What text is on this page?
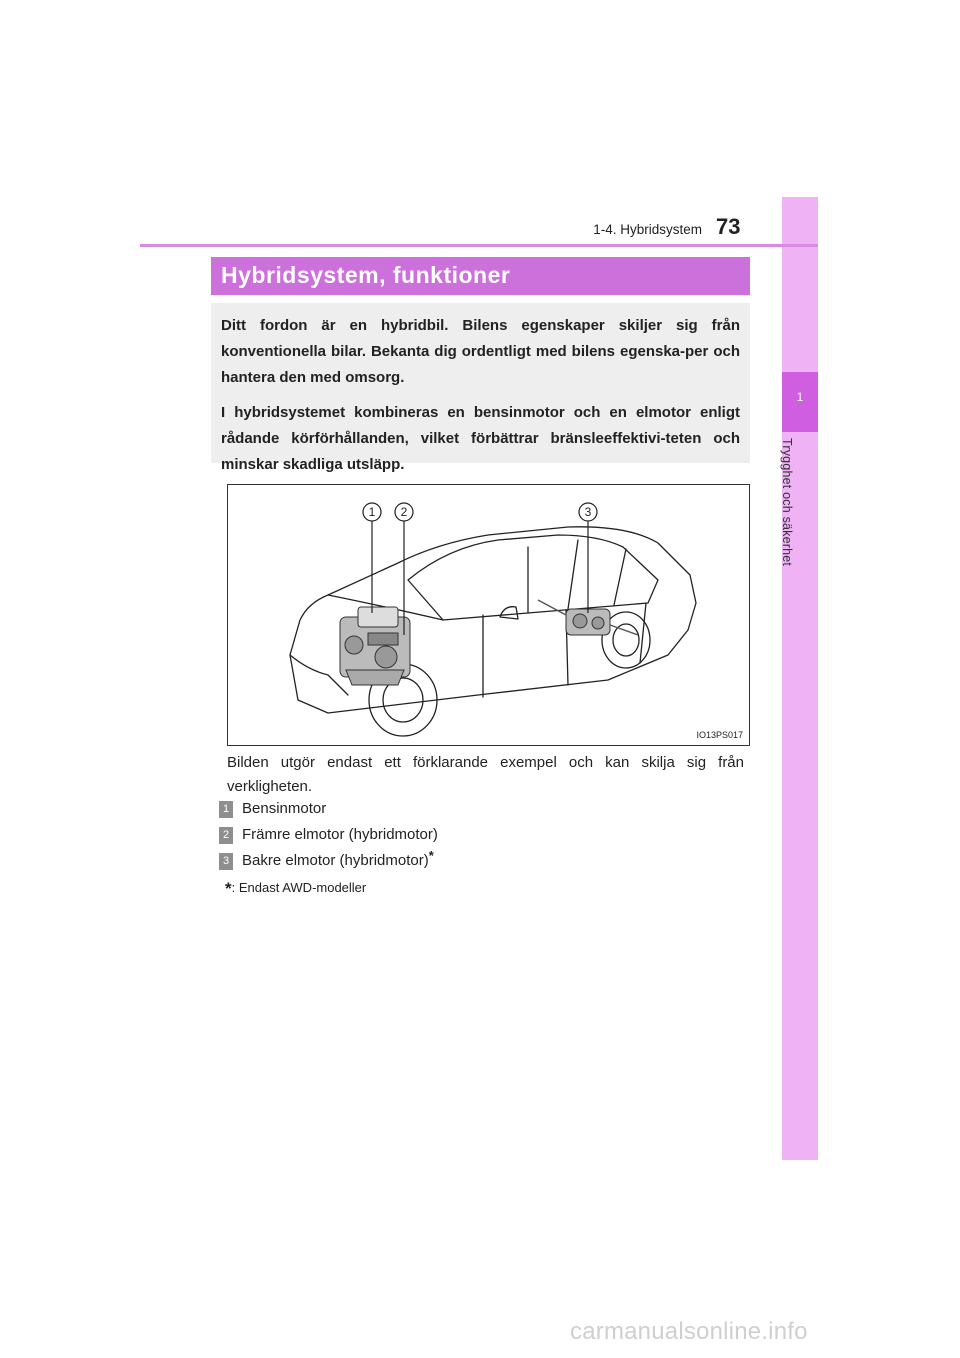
1
Trygghet och säkerhet
1-4. Hybridsystem 73
Hybridsystem, funktioner

Ditt fordon är en hybridbil. Bilens egenskaper skiljer sig från konventionella bilar. Bekanta dig ordentligt med bilens egenska-per och hantera den med omsorg.

I hybridsystemet kombineras en bensinmotor och en elmotor enligt rådande körförhållanden, vilket förbättrar bränsleeffektivi-teten och minskar skadliga utsläpp.

1 2	3
IO13PS017
Bilden utgör endast ett förklarande exempel och kan skilja sig från verkligheten.
1 Bensinmotor
2 Främre elmotor (hybridmotor)
3 Bakre elmotor (hybridmotor)*
*: Endast AWD-modeller
carmanualsonline.info
